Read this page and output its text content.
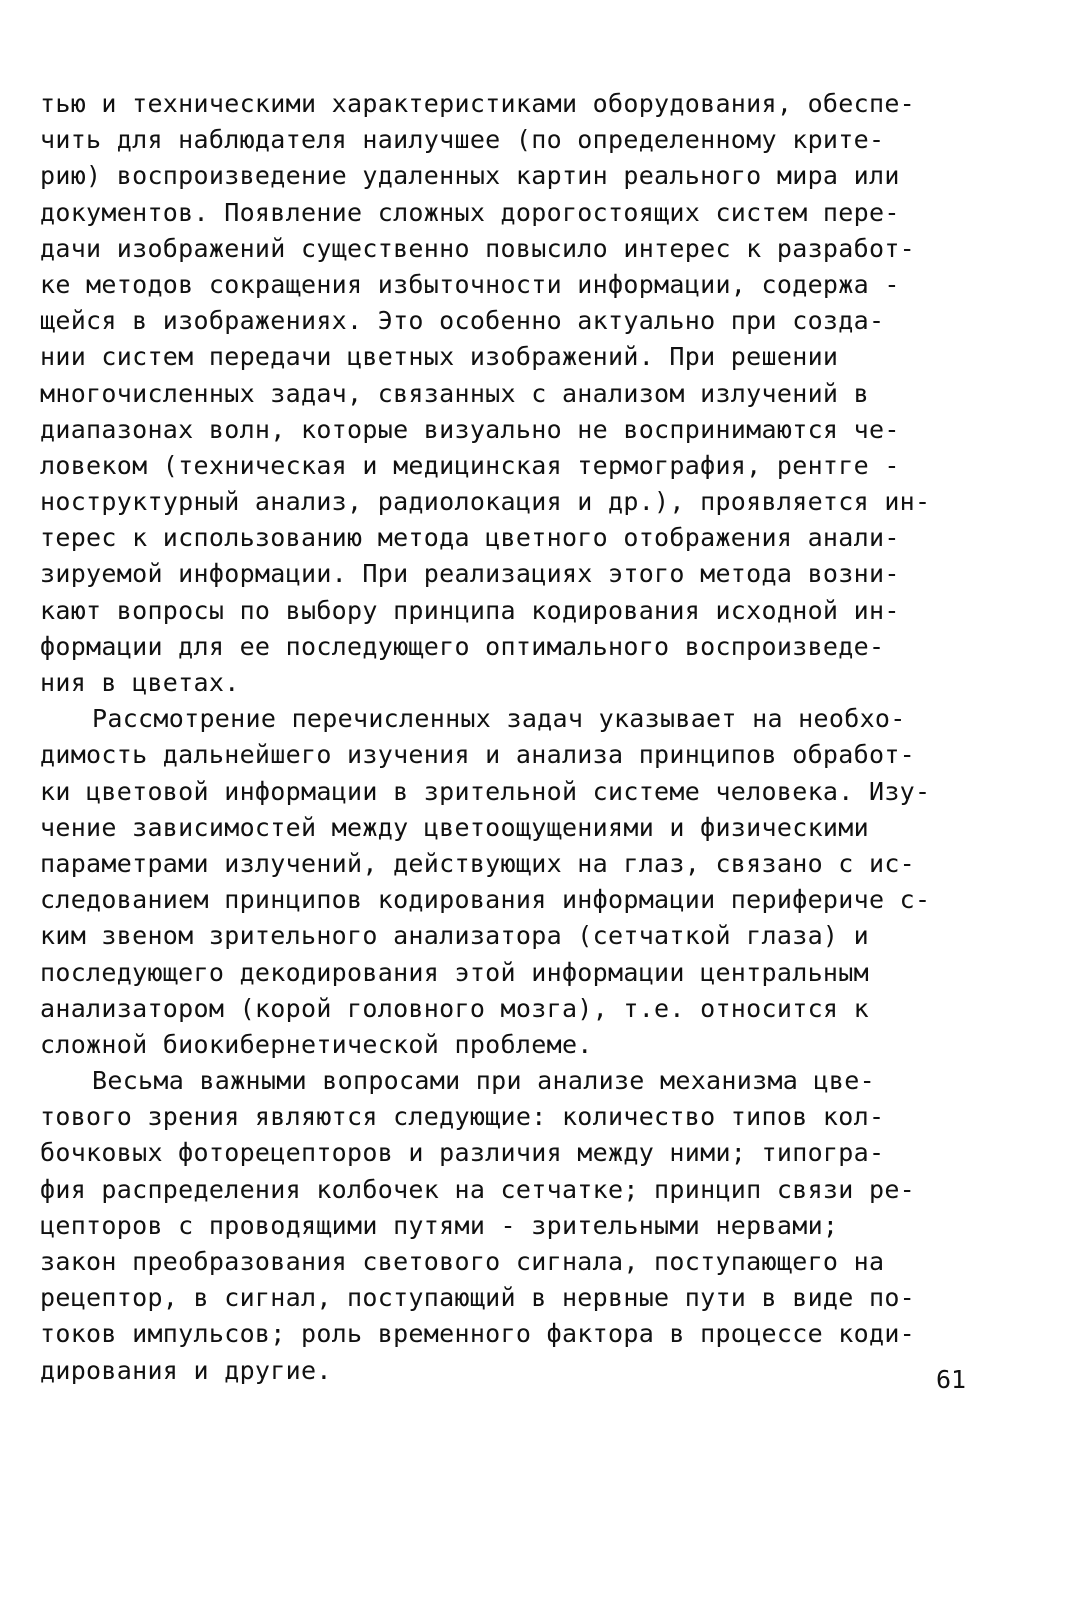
тью и техническими характеристиками оборудования, обеспе-
чить для наблюдателя наилучшее (по определенному крите-
рию) воспроизведение удаленных картин реального мира или
документов. Появление сложных дорогостоящих систем пере-
дачи изображений существенно повысило интерес к разработ-
ке методов сокращения избыточности информации, содержа -
щейся в изображениях. Это особенно актуально при созда-
нии систем передачи цветных изображений. При решении
многочисленных задач, связанных с анализом излучений в
диапазонах волн, которые визуально не воспринимаются че-
ловеком (техническая и медицинская термография, рентге -
ноструктурный анализ, радиолокация и др.), проявляется ин-
терес к использованию метода цветного отображения анали-
зируемой информации. При реализациях этого метода возни-
кают вопросы по выбору принципа кодирования исходной ин-
формации для ее последующего оптимального воспроизведе-
ния в цветах.
Рассмотрение перечисленных задач указывает на необхо-
димость дальнейшего изучения и анализа принципов обработ-
ки цветовой информации в зрительной системе человека. Изу-
чение зависимостей между цветоощущениями и физическими
параметрами излучений, действующих на глаз, связано с ис-
следованием принципов кодирования информации перифериче с-
ким звеном зрительного анализатора (сетчаткой глаза) и
последующего декодирования этой информации центральным
анализатором (корой головного мозга), т.е. относится к
сложной биокибернетической проблеме.
Весьма важными вопросами при анализе механизма цве-
тового зрения являются следующие: количество типов кол-
бочковых фоторецепторов и различия между ними; типогра-
фия распределения колбочек на сетчатке; принцип связи ре-
цепторов с проводящими путями - зрительными нервами;
закон преобразования светового сигнала, поступающего на
рецептор, в сигнал, поступающий в нервные пути в виде по-
токов импульсов; роль временного фактора в процессе коди-
дирования и другие.	61
